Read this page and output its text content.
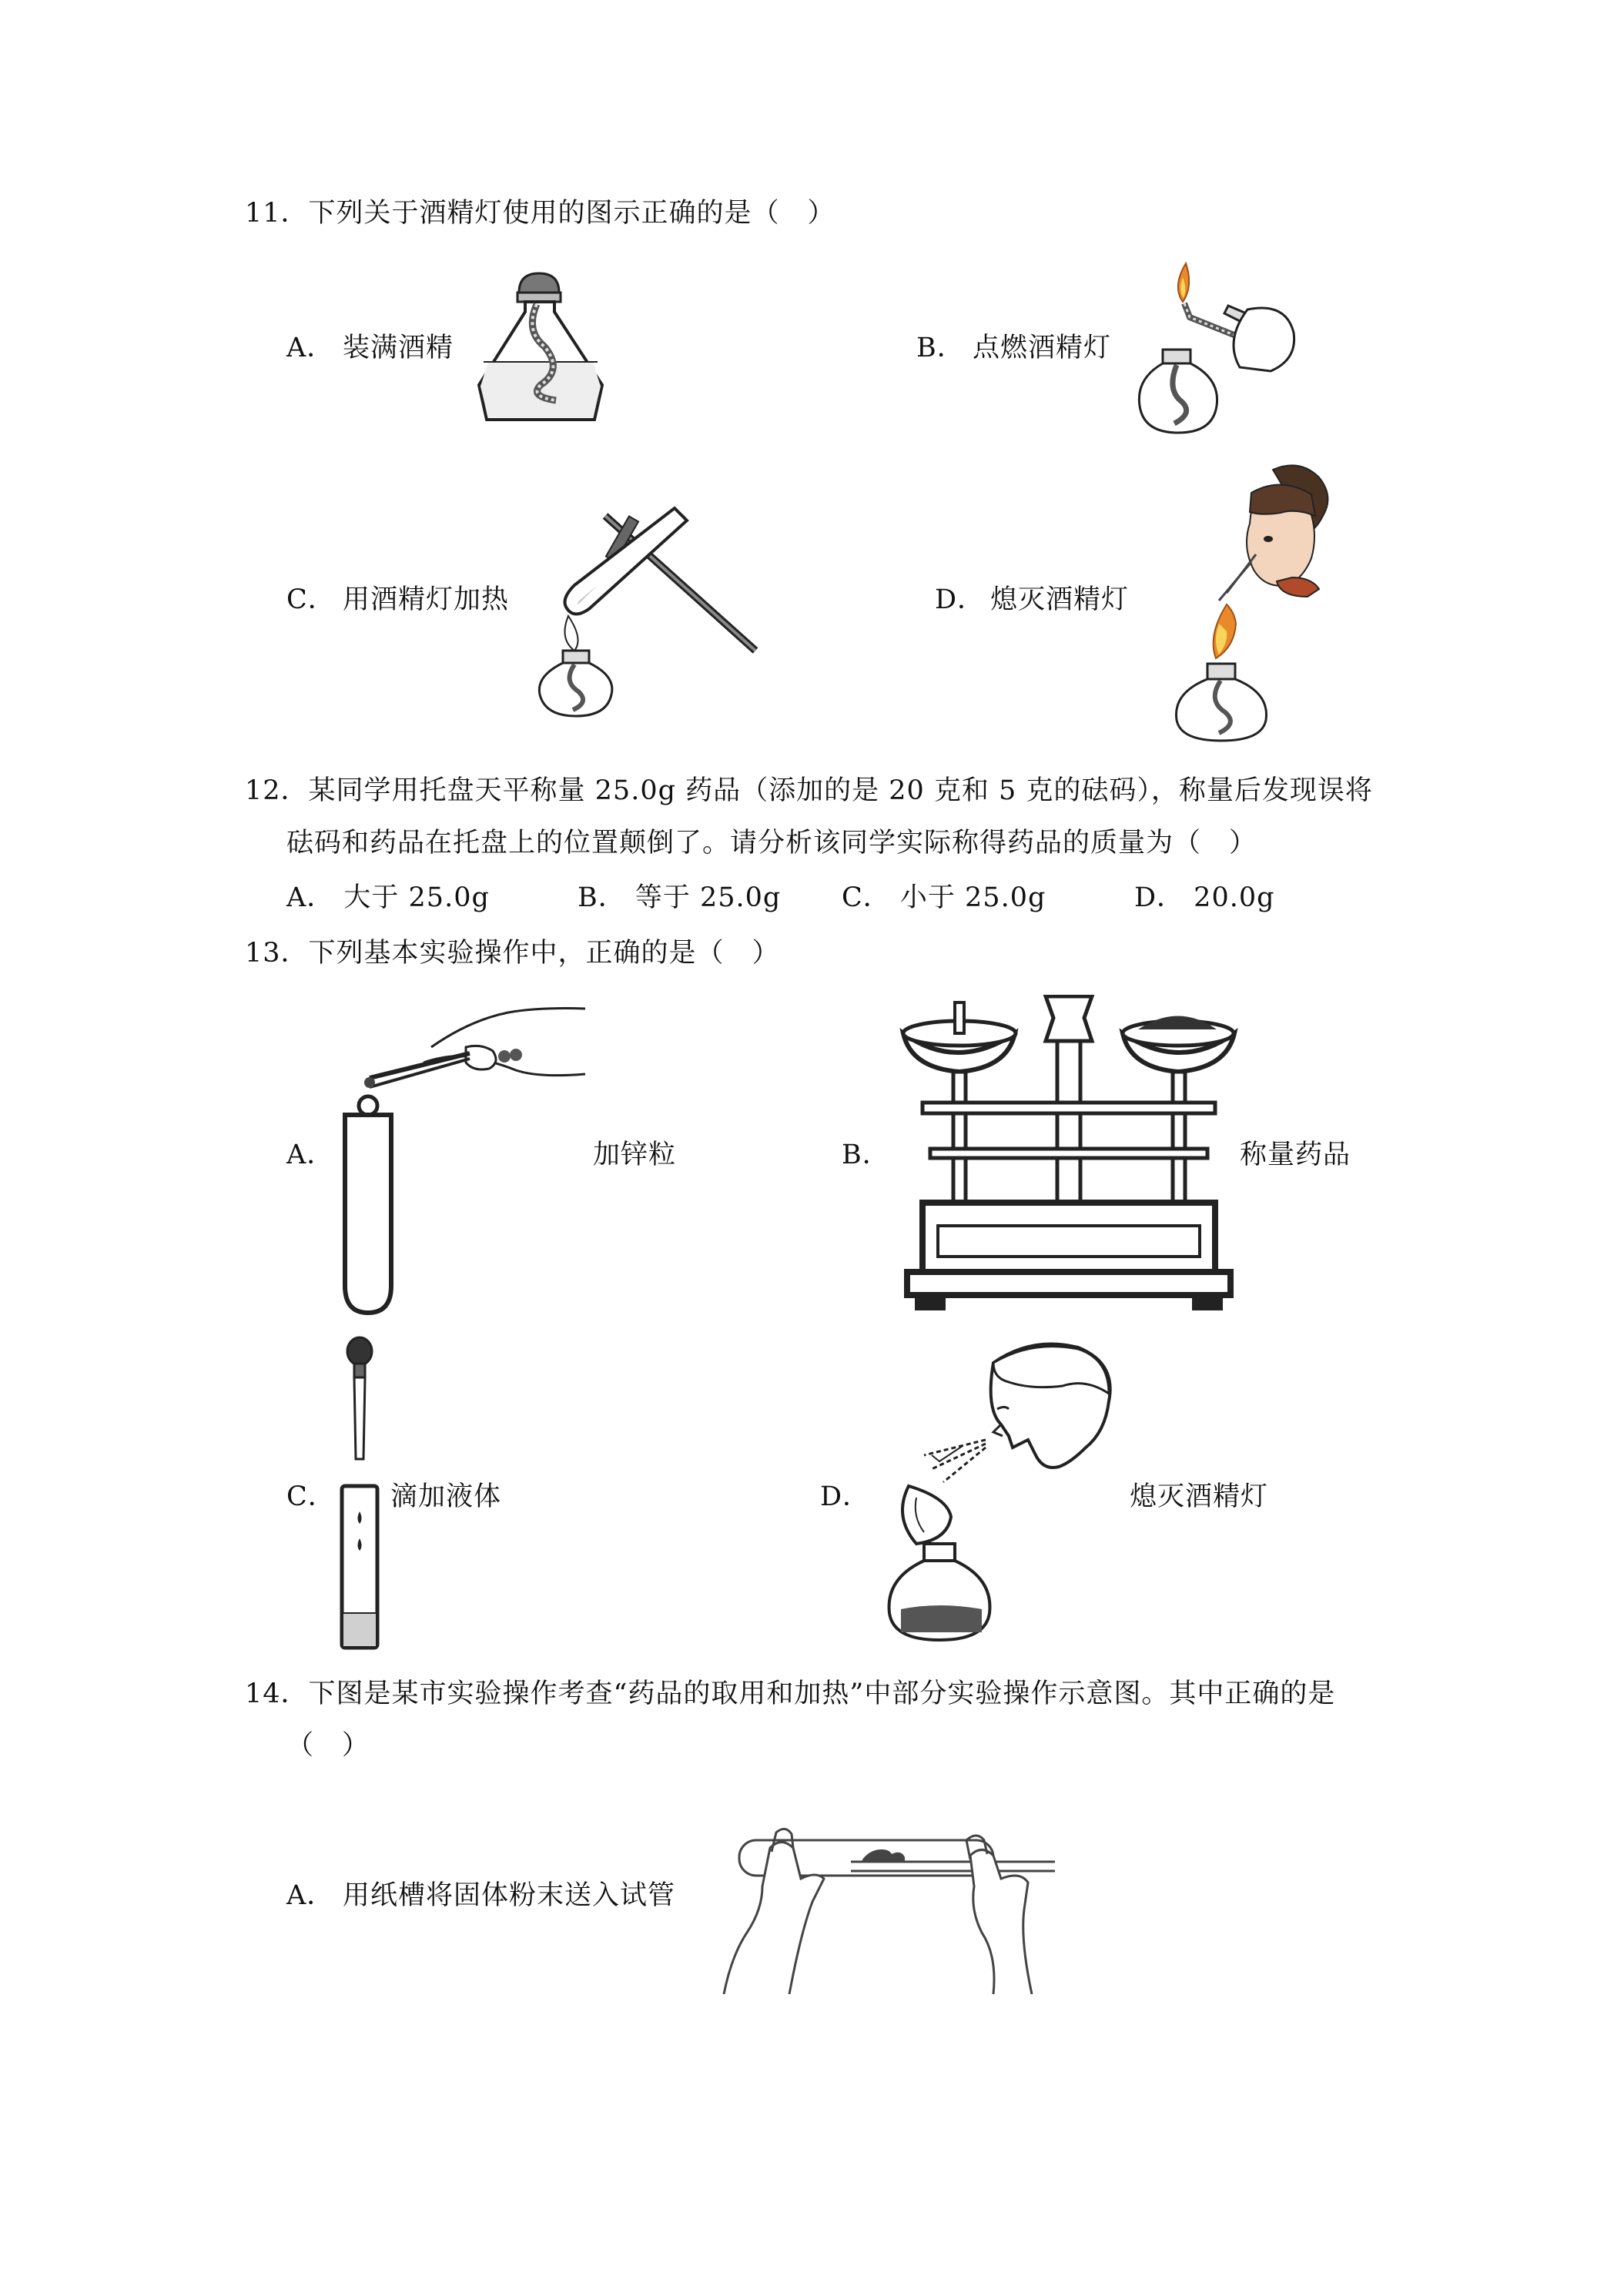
11．下列关于酒精灯使用的图示正确的是（　）
A． 装满酒精	B． 点燃酒精灯
C． 用酒精灯加热	D． 熄灭酒精灯
12．某同学用托盘天平称量 25.0g 药品（添加的是 20 克和 5 克的砝码），称量后发现误将
砝码和药品在托盘上的位置颠倒了。请分析该同学实际称得药品的质量为（　）
A． 大于 25.0g	B． 等于 25.0g C． 小于 25.0g	D． 20.0g
13．下列基本实验操作中，正确的是（　）
A．	加锌粒	B．	称量药品
C． 滴加液体	D．	熄灭酒精灯
14．下图是某市实验操作考查“药品的取用和加热”中部分实验操作示意图。其中正确的是
（　）
A． 用纸槽将固体粉末送入试管
